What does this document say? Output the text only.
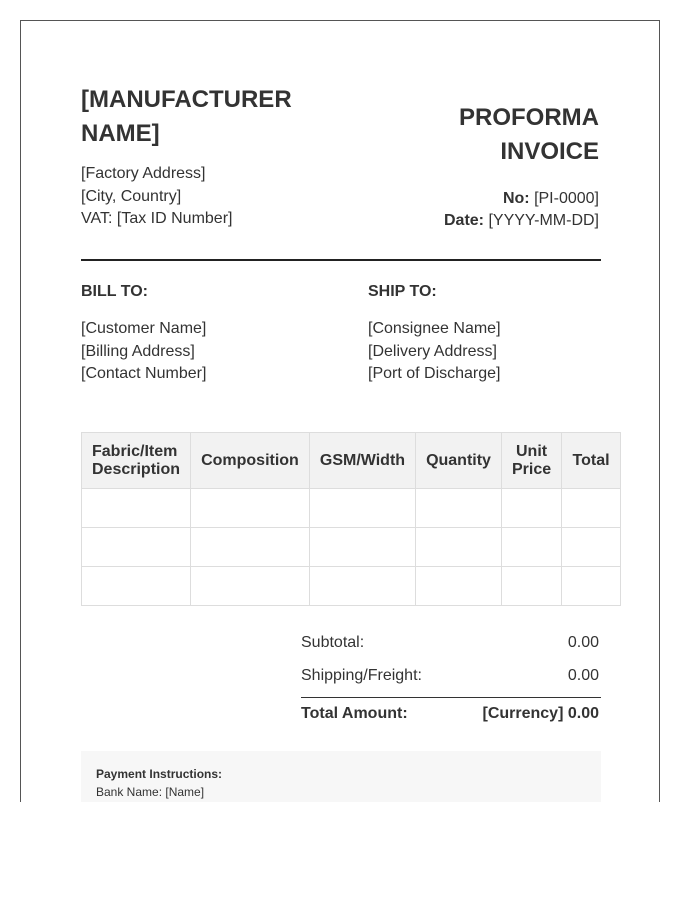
[MANUFACTURER NAME]
[Factory Address]
[City, Country]
VAT: [Tax ID Number]
PROFORMA INVOICE
No: [PI-0000]
Date: [YYYY-MM-DD]
BILL TO:
[Customer Name]
[Billing Address]
[Contact Number]
SHIP TO:
[Consignee Name]
[Delivery Address]
[Port of Discharge]
Fabric/Item Description	Composition	GSM/Width	Quantity	Unit Price	Total

Subtotal:	0.00
Shipping/Freight:	0.00
Total Amount:	[Currency] 0.00
Payment Instructions:
Bank Name: [Name]
